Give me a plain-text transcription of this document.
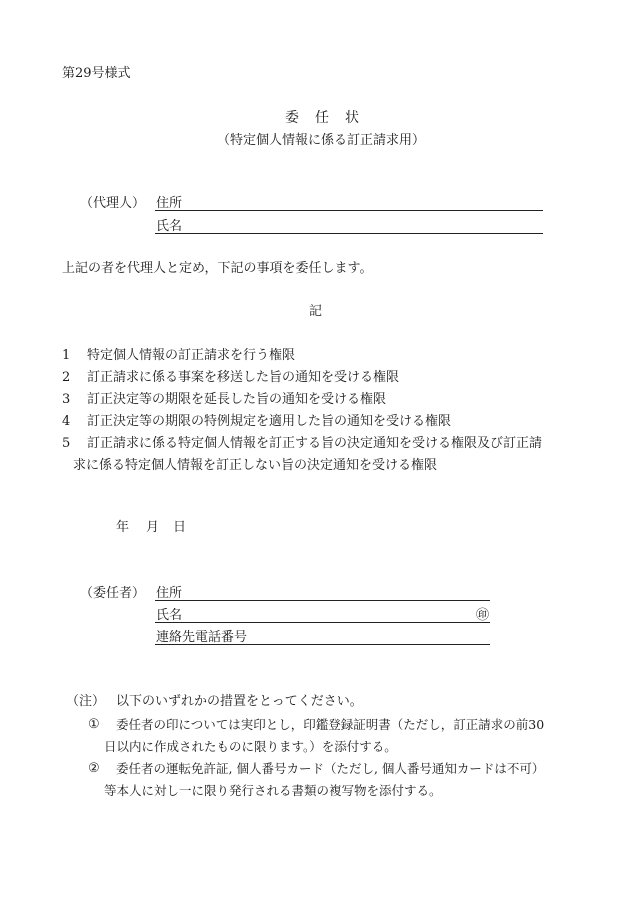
第29号様式
委任状
（特定個人情報に係る訂正請求用）
（代理人） 住所
氏名
上記の者を代理人と定め，下記の事項を委任します。
記
1 特定個人情報の訂正請求を行う権限
2 訂正請求に係る事案を移送した旨の通知を受ける権限
3 訂正決定等の期限を延長した旨の通知を受ける権限
4 訂正決定等の期限の特例規定を適用した旨の通知を受ける権限
5 訂正請求に係る特定個人情報を訂正する旨の決定通知を受ける権限及び訂正請
求に係る特定個人情報を訂正しない旨の決定通知を受ける権限
年 月 日
（委任者） 住所
氏名	㊞
連絡先電話番号
（注） 以下のいずれかの措置をとってください。
① 委任者の印については実印とし，印鑑登録証明書（ただし，訂正請求の前30
日以内に作成されたものに限ります。）を添付する。
② 委任者の運転免許証, 個人番号カード（ただし, 個人番号通知カードは不可）
等本人に対し一に限り発行される書類の複写物を添付する。
